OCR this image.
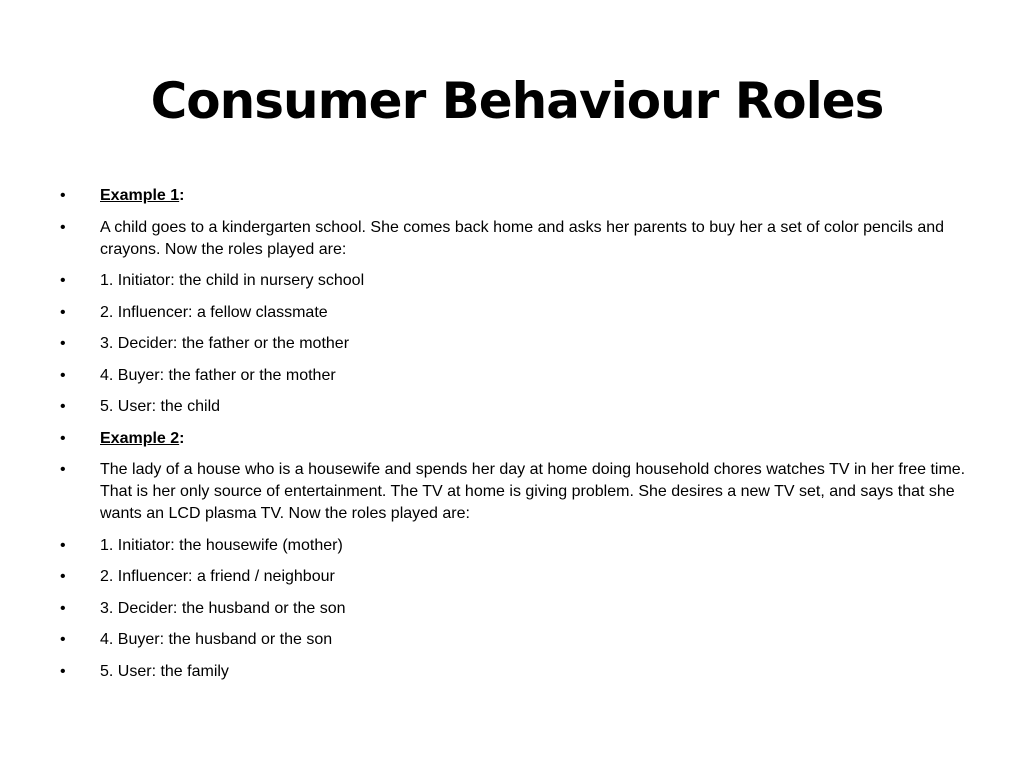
Consumer Behaviour Roles
• Example 1:
• A child goes to a kindergarten school. She comes back home and asks her parents to buy her a set of color pencils and crayons. Now the roles played are:
• 1. Initiator: the child in nursery school
• 2. Influencer: a fellow classmate
• 3. Decider: the father or the mother
• 4. Buyer: the father or the mother
• 5. User: the child
• Example 2:
• The lady of a house who is a housewife and spends her day at home doing household chores watches TV in her free time. That is her only source of entertainment. The TV at home is giving problem. She desires a new TV set, and says that she wants an LCD plasma TV. Now the roles played are:
• 1. Initiator: the housewife (mother)
• 2. Influencer: a friend / neighbour
• 3. Decider: the husband or the son
• 4. Buyer: the husband or the son
• 5. User: the family
